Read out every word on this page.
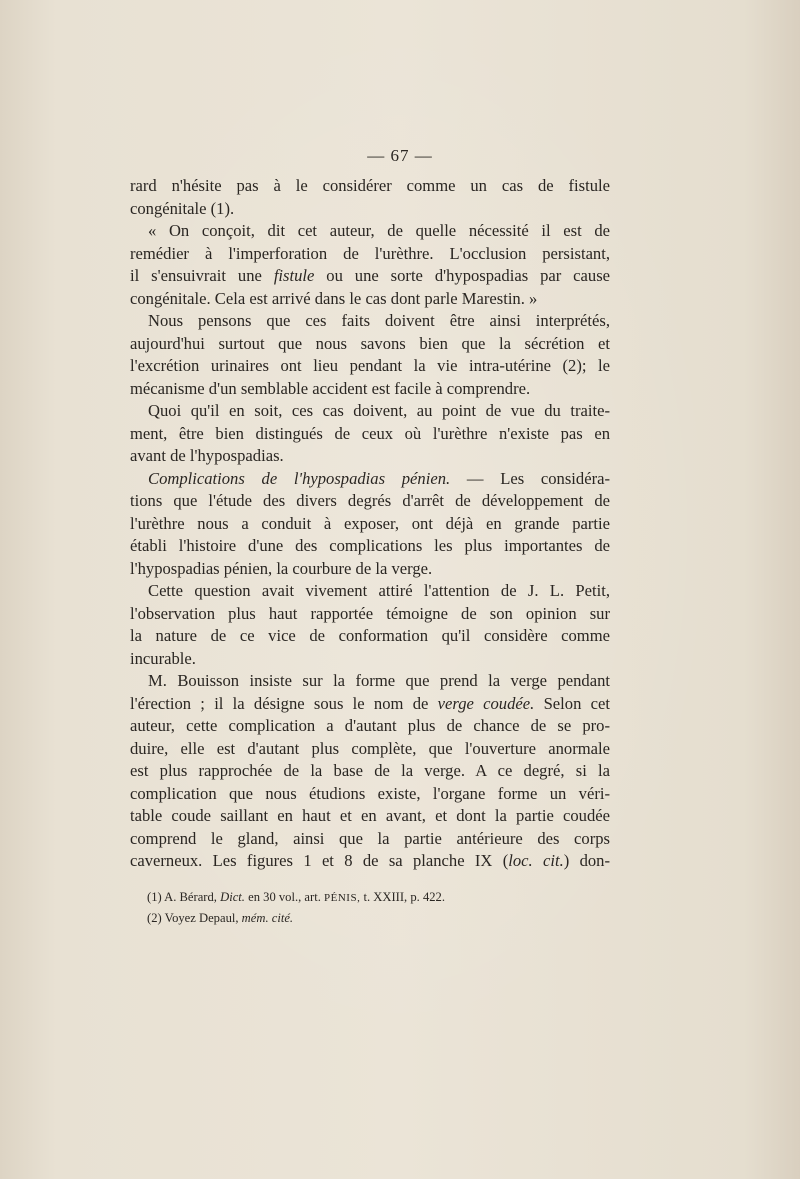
— 67 —
rard n'hésite pas à le considérer comme un cas de fistule
congénitale (1).
« On conçoit, dit cet auteur, de quelle nécessité il est de
remédier à l'imperforation de l'urèthre. L'occlusion persistant,
il s'ensuivrait une fistule ou une sorte d'hypospadias par cause
congénitale. Cela est arrivé dans le cas dont parle Marestin. »
Nous pensons que ces faits doivent être ainsi interprétés,
aujourd'hui surtout que nous savons bien que la sécrétion et
l'excrétion urinaires ont lieu pendant la vie intra-utérine (2); le
mécanisme d'un semblable accident est facile à comprendre.
Quoi qu'il en soit, ces cas doivent, au point de vue du traite-
ment, être bien distingués de ceux où l'urèthre n'existe pas en
avant de l'hypospadias.
Complications de l'hypospadias pénien. — Les considéra-
tions que l'étude des divers degrés d'arrêt de développement de
l'urèthre nous a conduit à exposer, ont déjà en grande partie
établi l'histoire d'une des complications les plus importantes de
l'hypospadias pénien, la courbure de la verge.
Cette question avait vivement attiré l'attention de J. L. Petit,
l'observation plus haut rapportée témoigne de son opinion sur
la nature de ce vice de conformation qu'il considère comme
incurable.
M. Bouisson insiste sur la forme que prend la verge pendant
l'érection ; il la désigne sous le nom de verge coudée. Selon cet
auteur, cette complication a d'autant plus de chance de se pro-
duire, elle est d'autant plus complète, que l'ouverture anormale
est plus rapprochée de la base de la verge. A ce degré, si la
complication que nous étudions existe, l'organe forme un véri-
table coude saillant en haut et en avant, et dont la partie coudée
comprend le gland, ainsi que la partie antérieure des corps
caverneux. Les figures 1 et 8 de sa planche IX (loc. cit.) don-
(1) A. Bérard, Dict. en 30 vol., art. PÉNIS, t. XXIII, p. 422.
(2) Voyez Depaul, mém. cité.
